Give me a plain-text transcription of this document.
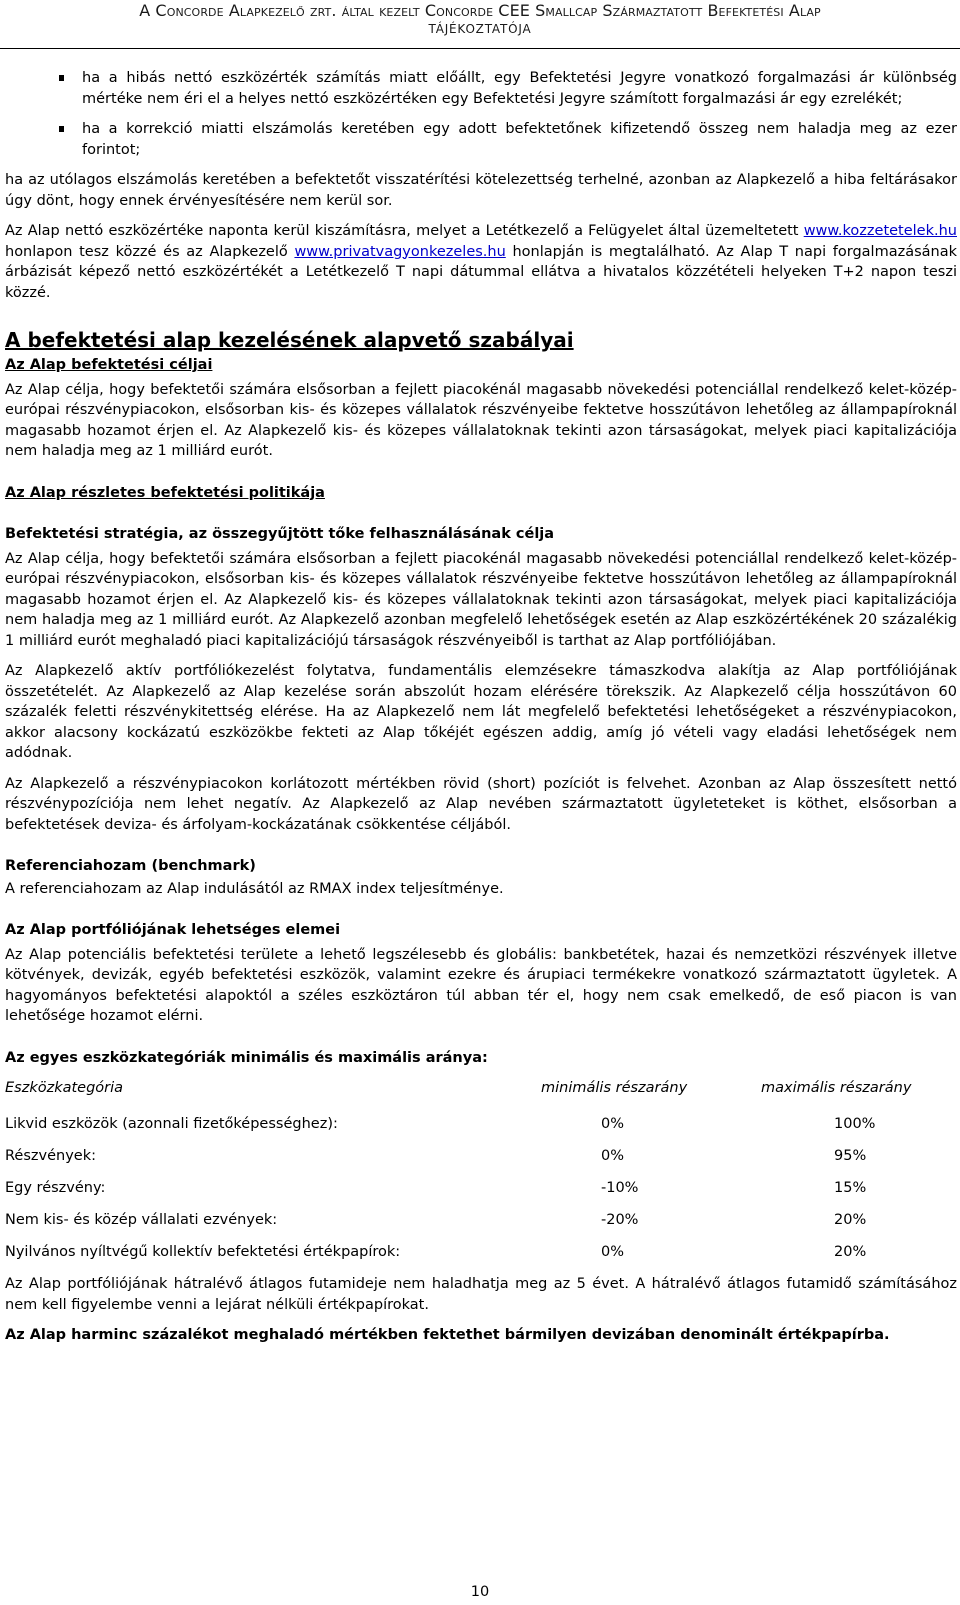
A Concorde Alapkezelő zrt. által kezelt Concorde CEE Smallcap Származtatott Befektetési Alap
TÁJÉKOZTATÓJA

ha a hibás nettó eszközérték számítás miatt előállt, egy Befektetési Jegyre vonatkozó forgalmazási ár különbség mértéke nem éri el a helyes nettó eszközértéken egy Befektetési Jegyre számított forgalmazási ár egy ezrelékét;

ha a korrekció miatti elszámolás keretében egy adott befektetőnek kifizetendő összeg nem haladja meg az ezer forintot;

ha az utólagos elszámolás keretében a befektetőt visszatérítési kötelezettség terhelné, azonban az Alapkezelő a hiba feltárásakor úgy dönt, hogy ennek érvényesítésére nem kerül sor.

Az Alap nettó eszközértéke naponta kerül kiszámításra, melyet a Letétkezelő a Felügyelet által üzemeltetett www.kozzetetelek.hu honlapon tesz közzé és az Alapkezelő www.privatvagyonkezeles.hu honlapján is megtalálható. Az Alap T napi forgalmazásának árbázisát képező nettó eszközértékét a Letétkezelő T napi dátummal ellátva a hivatalos közzétételi helyeken T+2 napon teszi közzé.

A befektetési alap kezelésének alapvető szabályai

Az Alap befektetési céljai

Az Alap célja, hogy befektetői számára elsősorban a fejlett piacokénál magasabb növekedési potenciállal rendelkező kelet-közép-európai részvénypiacokon, elsősorban kis- és közepes vállalatok részvényeibe fektetve hosszútávon lehetőleg az állampapíroknál magasabb hozamot érjen el. Az Alapkezelő kis- és közepes vállalatoknak tekinti azon társaságokat, melyek piaci kapitalizációja nem haladja meg az 1 milliárd eurót.

Az Alap részletes befektetési politikája

Befektetési stratégia, az összegyűjtött tőke felhasználásának célja

Az Alap célja, hogy befektetői számára elsősorban a fejlett piacokénál magasabb növekedési potenciállal rendelkező kelet-közép-európai részvénypiacokon, elsősorban kis- és közepes vállalatok részvényeibe fektetve hosszútávon lehetőleg az állampapíroknál magasabb hozamot érjen el. Az Alapkezelő kis- és közepes vállalatoknak tekinti azon társaságokat, melyek piaci kapitalizációja nem haladja meg az 1 milliárd eurót. Az Alapkezelő azonban megfelelő lehetőségek esetén az Alap eszközértékének 20 százalékig 1 milliárd eurót meghaladó piaci kapitalizációjú társaságok részvényeiből is tarthat az Alap portfóliójában.

Az Alapkezelő aktív portfóliókezelést folytatva, fundamentális elemzésekre támaszkodva alakítja az Alap portfóliójának összetételét. Az Alapkezelő az Alap kezelése során abszolút hozam elérésére törekszik. Az Alapkezelő célja hosszútávon 60 százalék feletti részvénykitettség elérése. Ha az Alapkezelő nem lát megfelelő befektetési lehetőségeket a részvénypiacokon, akkor alacsony kockázatú eszközökbe fekteti az Alap tőkéjét egészen addig, amíg jó vételi vagy eladási lehetőségek nem adódnak.

Az Alapkezelő a részvénypiacokon korlátozott mértékben rövid (short) pozíciót is felvehet. Azonban az Alap összesített nettó részvénypozíciója nem lehet negatív. Az Alapkezelő az Alap nevében származtatott ügyleteteket is köthet, elsősorban a befektetések deviza- és árfolyam-kockázatának csökkentése céljából.

Referenciahozam (benchmark)

A referenciahozam az Alap indulásától az RMAX index teljesítménye.

Az Alap portfóliójának lehetséges elemei

Az Alap potenciális befektetési területe a lehető legszélesebb és globális: bankbetétek, hazai és nemzetközi részvények illetve kötvények, devizák, egyéb befektetési eszközök, valamint ezekre és árupiaci termékekre vonatkozó származtatott ügyletek. A hagyományos befektetési alapoktól a széles eszköztáron túl abban tér el, hogy nem csak emelkedő, de eső piacon is van lehetősége hozamot elérni.

Az egyes eszközkategóriák minimális és maximális aránya:

Eszközkategória	minimális részarány	maximális részarány
Likvid eszközök (azonnali fizetőképességhez):	0%	100%
Részvények:	0%	95%
Egy részvény:	-10%	15%
Nem kis- és közép vállalati ezvények:	-20%	20%
Nyilvános nyíltvégű kollektív befektetési értékpapírok:	0%	20%

Az Alap portfóliójának hátralévő átlagos futamideje nem haladhatja meg az 5 évet. A hátralévő átlagos futamidő számításához nem kell figyelembe venni a lejárat nélküli értékpapírokat.

Az Alap harminc százalékot meghaladó mértékben fektethet bármilyen devizában denominált értékpapírba.

10
